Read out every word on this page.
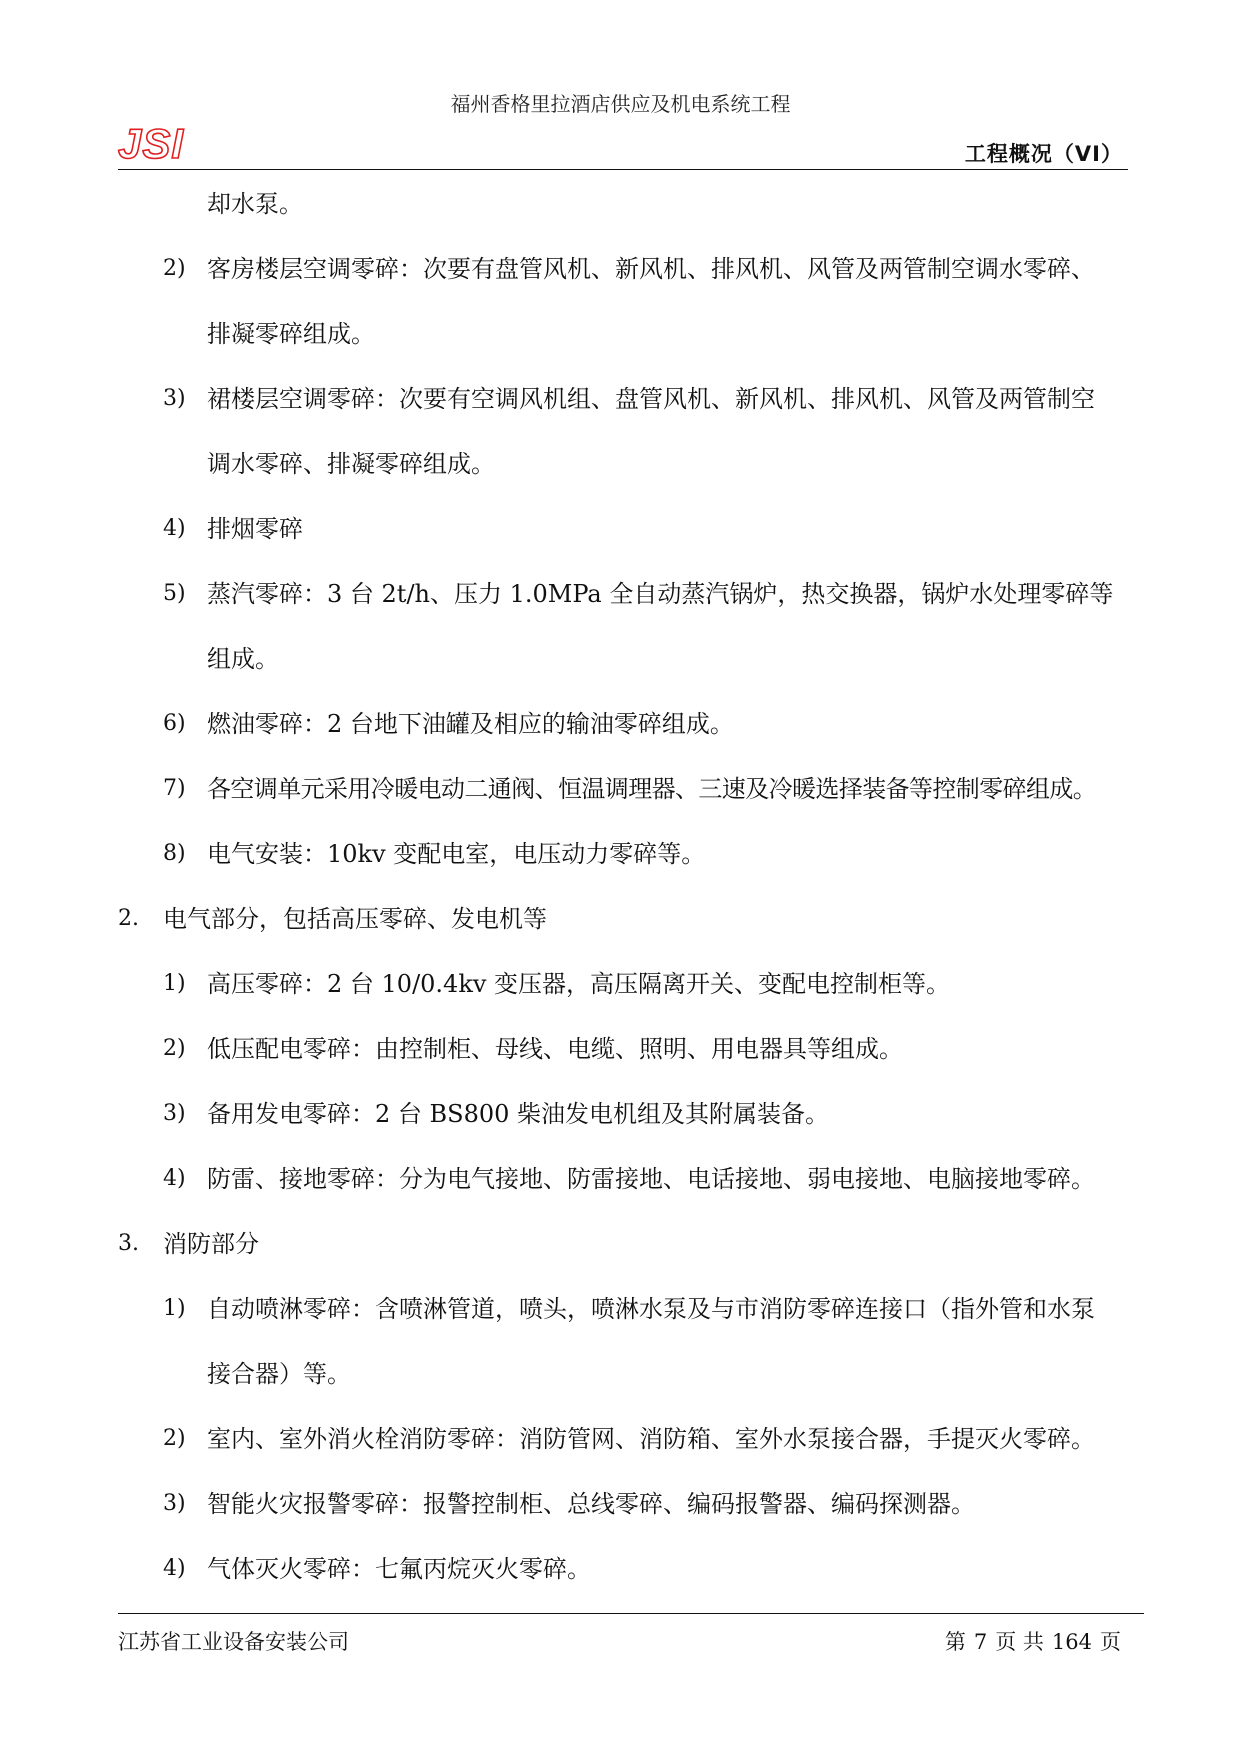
福州香格里拉酒店供应及机电系统工程
JSI	工程概况（VI）
却水泵。
2) 客房楼层空调零碎：次要有盘管风机、新风机、排风机、风管及两管制空调水零碎、
排凝零碎组成。
3) 裙楼层空调零碎：次要有空调风机组、盘管风机、新风机、排风机、风管及两管制空
调水零碎、排凝零碎组成。
4) 排烟零碎
5) 蒸汽零碎：3 台 2t/h、压力 1.0MPa 全自动蒸汽锅炉，热交换器，锅炉水处理零碎等
组成。
6) 燃油零碎：2 台地下油罐及相应的输油零碎组成。
7) 各空调单元采用冷暖电动二通阀、恒温调理器、三速及冷暖选择装备等控制零碎组成。
8) 电气安装：10kv 变配电室，电压动力零碎等。
2. 电气部分，包括高压零碎、发电机等
1) 高压零碎：2 台 10/0.4kv 变压器，高压隔离开关、变配电控制柜等。
2) 低压配电零碎：由控制柜、母线、电缆、照明、用电器具等组成。
3) 备用发电零碎：2 台 BS800 柴油发电机组及其附属装备。
4) 防雷、接地零碎：分为电气接地、防雷接地、电话接地、弱电接地、电脑接地零碎。
3. 消防部分
1) 自动喷淋零碎：含喷淋管道，喷头，喷淋水泵及与市消防零碎连接口（指外管和水泵
接合器）等。
2) 室内、室外消火栓消防零碎：消防管网、消防箱、室外水泵接合器，手提灭火零碎。
3) 智能火灾报警零碎：报警控制柜、总线零碎、编码报警器、编码探测器。
4) 气体灭火零碎：七氟丙烷灭火零碎。
江苏省工业设备安装公司	第 7 页 共 164 页
